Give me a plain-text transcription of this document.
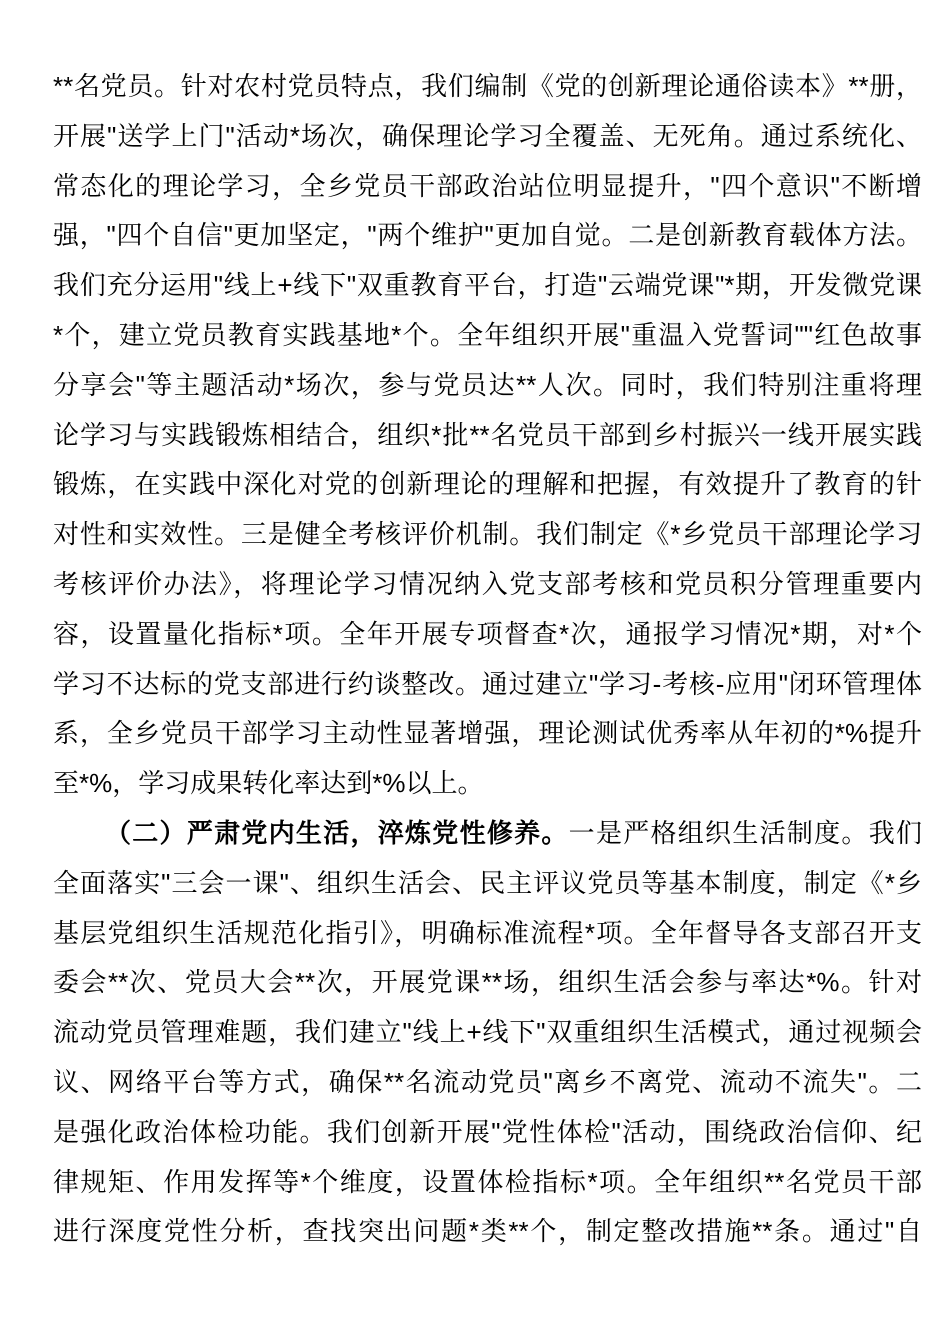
**名党员。针对农村党员特点，我们编制《党的创新理论通俗读本》**册，
开展"送学上门"活动*场次，确保理论学习全覆盖、无死角。通过系统化、
常态化的理论学习，全乡党员干部政治站位明显提升，"四个意识"不断增
强，"四个自信"更加坚定，"两个维护"更加自觉。二是创新教育载体方法。
我们充分运用"线上+线下"双重教育平台，打造"云端党课"*期，开发微党课
*个，建立党员教育实践基地*个。全年组织开展"重温入党誓词""红色故事
分享会"等主题活动*场次，参与党员达**人次。同时，我们特别注重将理
论学习与实践锻炼相结合，组织*批**名党员干部到乡村振兴一线开展实践
锻炼，在实践中深化对党的创新理论的理解和把握，有效提升了教育的针
对性和实效性。三是健全考核评价机制。我们制定《*乡党员干部理论学习
考核评价办法》，将理论学习情况纳入党支部考核和党员积分管理重要内
容，设置量化指标*项。全年开展专项督查*次，通报学习情况*期，对*个
学习不达标的党支部进行约谈整改。通过建立"学习-考核-应用"闭环管理体
系，全乡党员干部学习主动性显著增强，理论测试优秀率从年初的*%提升
至*%，学习成果转化率达到*%以上。
（二）严肃党内生活，淬炼党性修养。一是严格组织生活制度。我们
全面落实"三会一课"、组织生活会、民主评议党员等基本制度，制定《*乡
基层党组织生活规范化指引》，明确标准流程*项。全年督导各支部召开支
委会**次、党员大会**次，开展党课**场，组织生活会参与率达*%。针对
流动党员管理难题，我们建立"线上+线下"双重组织生活模式，通过视频会
议、网络平台等方式，确保**名流动党员"离乡不离党、流动不流失"。二
是强化政治体检功能。我们创新开展"党性体检"活动，围绕政治信仰、纪
律规矩、作用发挥等*个维度，设置体检指标*项。全年组织**名党员干部
进行深度党性分析，查找突出问题*类**个，制定整改措施**条。通过"自
